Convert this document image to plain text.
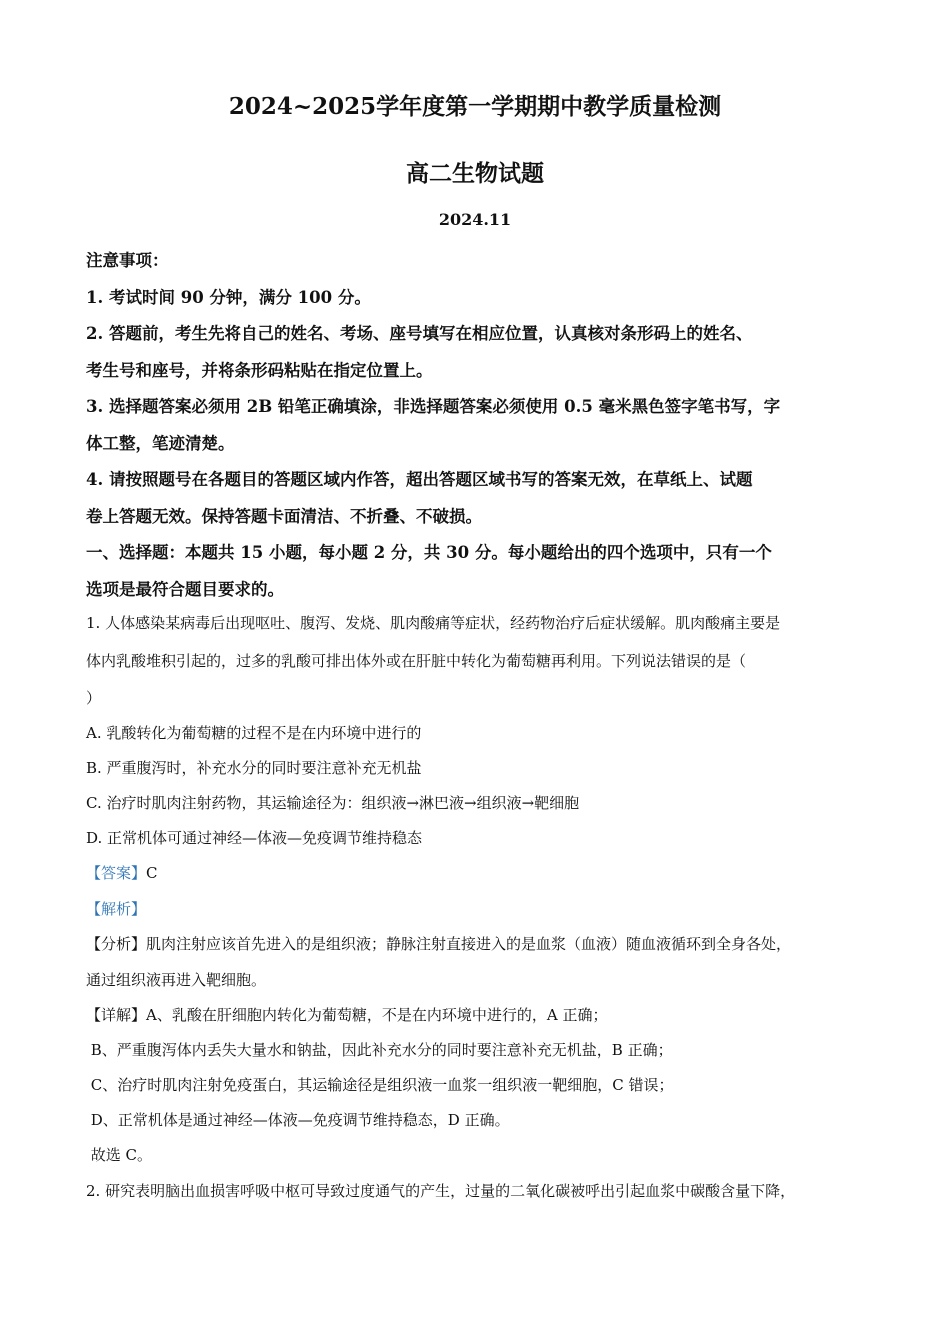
2024~2025学年度第一学期期中教学质量检测
高二生物试题
2024.11
注意事项：
1. 考试时间 90 分钟，满分 100 分。
2. 答题前，考生先将自己的姓名、考场、座号填写在相应位置，认真核对条形码上的姓名、
考生号和座号，并将条形码粘贴在指定位置上。
3. 选择题答案必须用 2B 铅笔正确填涂，非选择题答案必须使用 0.5 毫米黑色签字笔书写，字
体工整，笔迹清楚。
4. 请按照题号在各题目的答题区域内作答，超出答题区域书写的答案无效，在草纸上、试题
卷上答题无效。保持答题卡面清洁、不折叠、不破损。
一、选择题：本题共 15 小题，每小题 2 分，共 30 分。每小题给出的四个选项中，只有一个
选项是最符合题目要求的。
1. 人体感染某病毒后出现呕吐、腹泻、发烧、肌肉酸痛等症状，经药物治疗后症状缓解。肌肉酸痛主要是
体内乳酸堆积引起的，过多的乳酸可排出体外或在肝脏中转化为葡萄糖再利用。下列说法错误的是（
）
A. 乳酸转化为葡萄糖的过程不是在内环境中进行的
B. 严重腹泻时，补充水分的同时要注意补充无机盐
C. 治疗时肌肉注射药物，其运输途径为：组织液→淋巴液→组织液→靶细胞
D. 正常机体可通过神经—体液—免疫调节维持稳态
【答案】C
【解析】
【分析】肌肉注射应该首先进入的是组织液；静脉注射直接进入的是血浆（血液）随血液循环到全身各处，
通过组织液再进入靶细胞。
【详解】A、乳酸在肝细胞内转化为葡萄糖，不是在内环境中进行的，A 正确；
B、严重腹泻体内丢失大量水和钠盐，因此补充水分的同时要注意补充无机盐，B 正确；
C、治疗时肌肉注射免疫蛋白，其运输途径是组织液一血浆一组织液一靶细胞，C 错误；
D、正常机体是通过神经—体液—免疫调节维持稳态，D 正确。
故选 C。
2. 研究表明脑出血损害呼吸中枢可导致过度通气的产生，过量的二氧化碳被呼出引起血浆中碳酸含量下降，
